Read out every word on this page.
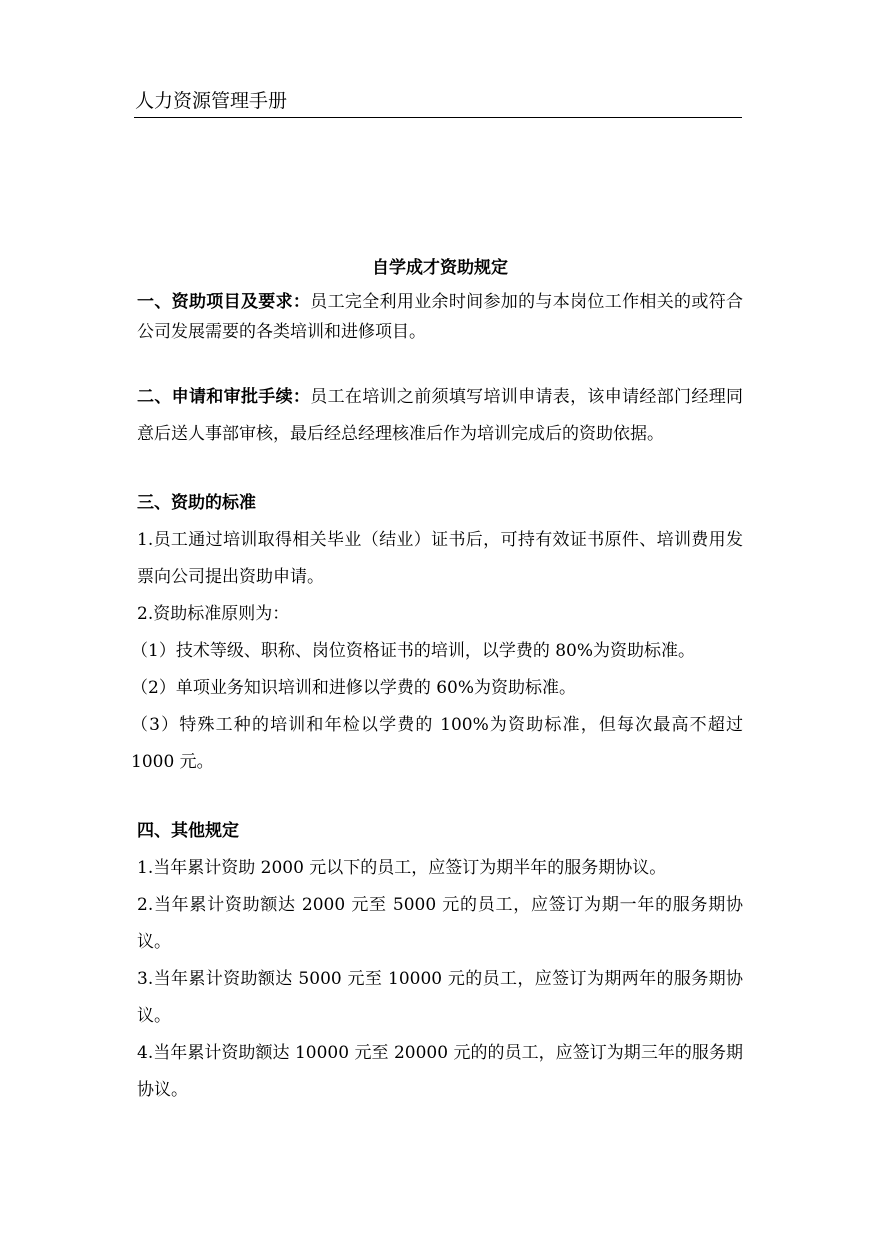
人力资源管理手册
自学成才资助规定

一、资助项目及要求：员工完全利用业余时间参加的与本岗位工作相关的或符合公司发展需要的各类培训和进修项目。

二、申请和审批手续：员工在培训之前须填写培训申请表，该申请经部门经理同意后送人事部审核，最后经总经理核准后作为培训完成后的资助依据。

三、资助的标准

1.员工通过培训取得相关毕业（结业）证书后，可持有效证书原件、培训费用发票向公司提出资助申请。

2.资助标准原则为：

（1）技术等级、职称、岗位资格证书的培训，以学费的 80%为资助标准。

（2）单项业务知识培训和进修以学费的 60%为资助标准。

（3）特殊工种的培训和年检以学费的 100%为资助标准，但每次最高不超过 1000 元。

四、其他规定

1.当年累计资助 2000 元以下的员工，应签订为期半年的服务期协议。

2.当年累计资助额达 2000 元至 5000 元的员工，应签订为期一年的服务期协议。

3.当年累计资助额达 5000 元至 10000 元的员工，应签订为期两年的服务期协议。

4.当年累计资助额达 10000 元至 20000 元的的员工，应签订为期三年的服务期协议。
